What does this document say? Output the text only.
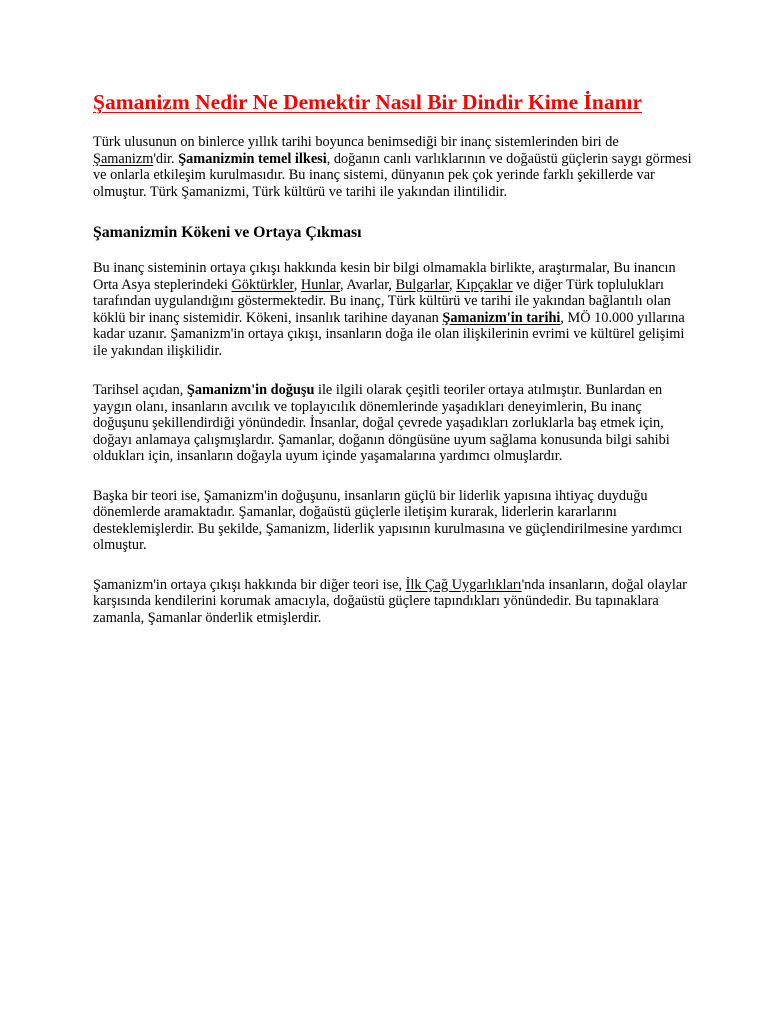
Şamanizm Nedir Ne Demektir Nasıl Bir Dindir Kime İnanır

Türk ulusunun on binlerce yıllık tarihi boyunca benimsediği bir inanç sistemlerinden biri de Şamanizm'dir. Şamanizmin temel ilkesi, doğanın canlı varlıklarının ve doğaüstü güçlerin saygı görmesi ve onlarla etkileşim kurulmasıdır. Bu inanç sistemi, dünyanın pek çok yerinde farklı şekillerde var olmuştur. Türk Şamanizmi, Türk kültürü ve tarihi ile yakından ilintilidir.

Şamanizmin Kökeni ve Ortaya Çıkması

Bu inanç sisteminin ortaya çıkışı hakkında kesin bir bilgi olmamakla birlikte, araştırmalar, Bu inancın Orta Asya steplerindeki Göktürkler, Hunlar, Avarlar, Bulgarlar, Kıpçaklar ve diğer Türk toplulukları tarafından uygulandığını göstermektedir. Bu inanç, Türk kültürü ve tarihi ile yakından bağlantılı olan köklü bir inanç sistemidir. Kökeni, insanlık tarihine dayanan Şamanizm'in tarihi, MÖ 10.000 yıllarına kadar uzanır. Şamanizm'in ortaya çıkışı, insanların doğa ile olan ilişkilerinin evrimi ve kültürel gelişimi ile yakından ilişkilidir.

Tarihsel açıdan, Şamanizm'in doğuşu ile ilgili olarak çeşitli teoriler ortaya atılmıştır. Bunlardan en yaygın olanı, insanların avcılık ve toplayıcılık dönemlerinde yaşadıkları deneyimlerin, Bu inanç doğuşunu şekillendirdiği yönündedir. İnsanlar, doğal çevrede yaşadıkları zorluklarla baş etmek için, doğayı anlamaya çalışmışlardır. Şamanlar, doğanın döngüsüne uyum sağlama konusunda bilgi sahibi oldukları için, insanların doğayla uyum içinde yaşamalarına yardımcı olmuşlardır.

Başka bir teori ise, Şamanizm'in doğuşunu, insanların güçlü bir liderlik yapısına ihtiyaç duyduğu dönemlerde aramaktadır. Şamanlar, doğaüstü güçlerle iletişim kurarak, liderlerin kararlarını desteklemişlerdir. Bu şekilde, Şamanizm, liderlik yapısının kurulmasına ve güçlendirilmesine yardımcı olmuştur.

Şamanizm'in ortaya çıkışı hakkında bir diğer teori ise, İlk Çağ Uygarlıkları'nda insanların, doğal olaylar karşısında kendilerini korumak amacıyla, doğaüstü güçlere tapındıkları yönündedir. Bu tapınaklara zamanla, Şamanlar önderlik etmişlerdir.
